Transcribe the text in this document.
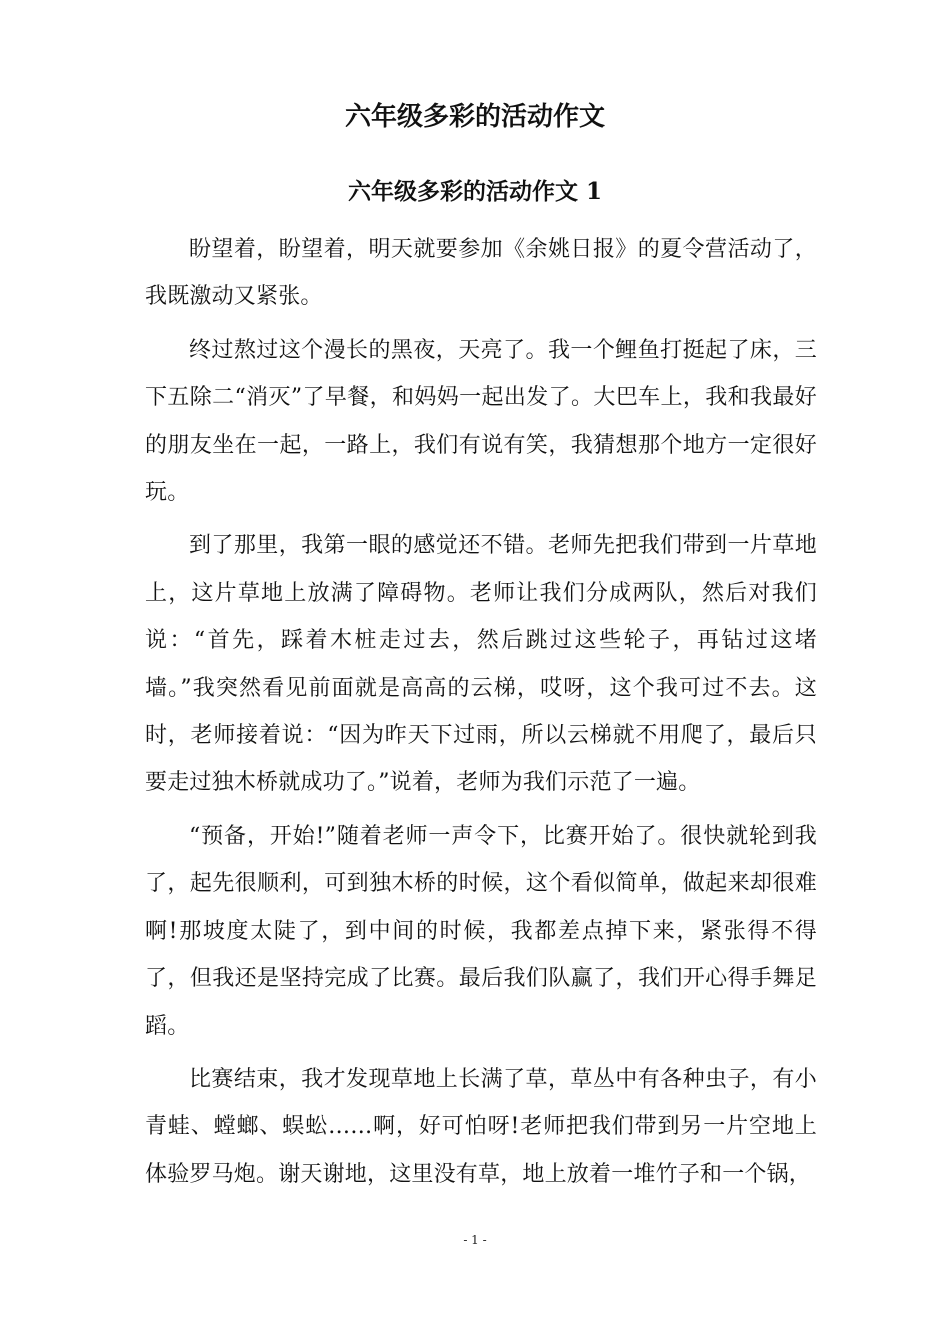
六年级多彩的活动作文
六年级多彩的活动作文 1

盼望着，盼望着，明天就要参加《余姚日报》的夏令营活动了，我既激动又紧张。

终过熬过这个漫长的黑夜，天亮了。我一个鲤鱼打挺起了床，三下五除二“消灭”了早餐，和妈妈一起出发了。大巴车上，我和我最好的朋友坐在一起，一路上，我们有说有笑，我猜想那个地方一定很好玩。

到了那里，我第一眼的感觉还不错。老师先把我们带到一片草地上，这片草地上放满了障碍物。老师让我们分成两队，然后对我们说：“首先，踩着木桩走过去，然后跳过这些轮子，再钻过这堵墙。”我突然看见前面就是高高的云梯，哎呀，这个我可过不去。这时，老师接着说：“因为昨天下过雨，所以云梯就不用爬了，最后只要走过独木桥就成功了。”说着，老师为我们示范了一遍。

“预备，开始!”随着老师一声令下，比赛开始了。很快就轮到我了，起先很顺利，可到独木桥的时候，这个看似简单，做起来却很难啊!那坡度太陡了，到中间的时候，我都差点掉下来，紧张得不得了，但我还是坚持完成了比赛。最后我们队赢了，我们开心得手舞足蹈。

比赛结束，我才发现草地上长满了草，草丛中有各种虫子，有小青蛙、螳螂、蜈蚣……啊，好可怕呀!老师把我们带到另一片空地上体验罗马炮。谢天谢地，这里没有草，地上放着一堆竹子和一个锅，

- 1 -
